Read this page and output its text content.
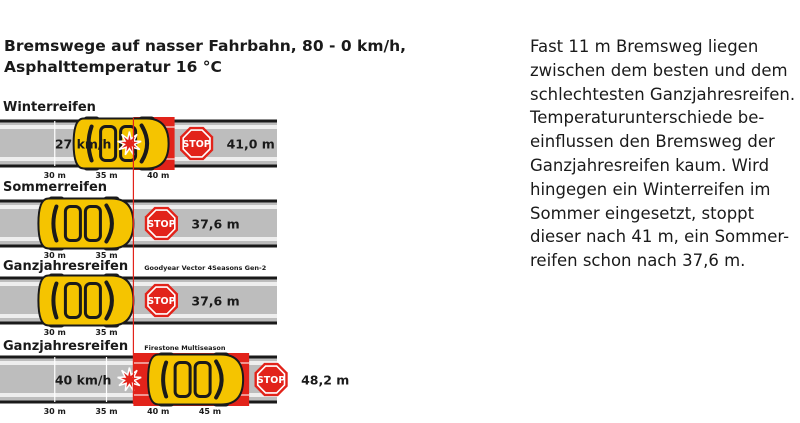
30 m	35 m	40 m
27 km/h	STOP 41,0 m
Winterreifen
30 m	35 m
STOP 37,6 m
Sommerreifen
30 m	35 m
STOP 37,6 m
Ganzjahresreifen Goodyear Vector 4Seasons Gen-2
30 m	35 m	40 m	45 m
40 km/h	STOP 48,2 m
Ganzjahresreifen Firestone Multiseason
Bremswege auf nasser Fahrbahn, 80 - 0 km/h,
Asphalttemperatur 16 °C
Fast 11 m Bremsweg liegen
zwischen dem besten und dem
schlechtesten Ganzjahresreifen.
Temperaturunterschiede be-
einflussen den Bremsweg der
Ganzjahresreifen kaum. Wird
hingegen ein Winterreifen im
Sommer eingesetzt, stoppt
dieser nach 41 m, ein Sommer-
reifen schon nach 37,6 m.
